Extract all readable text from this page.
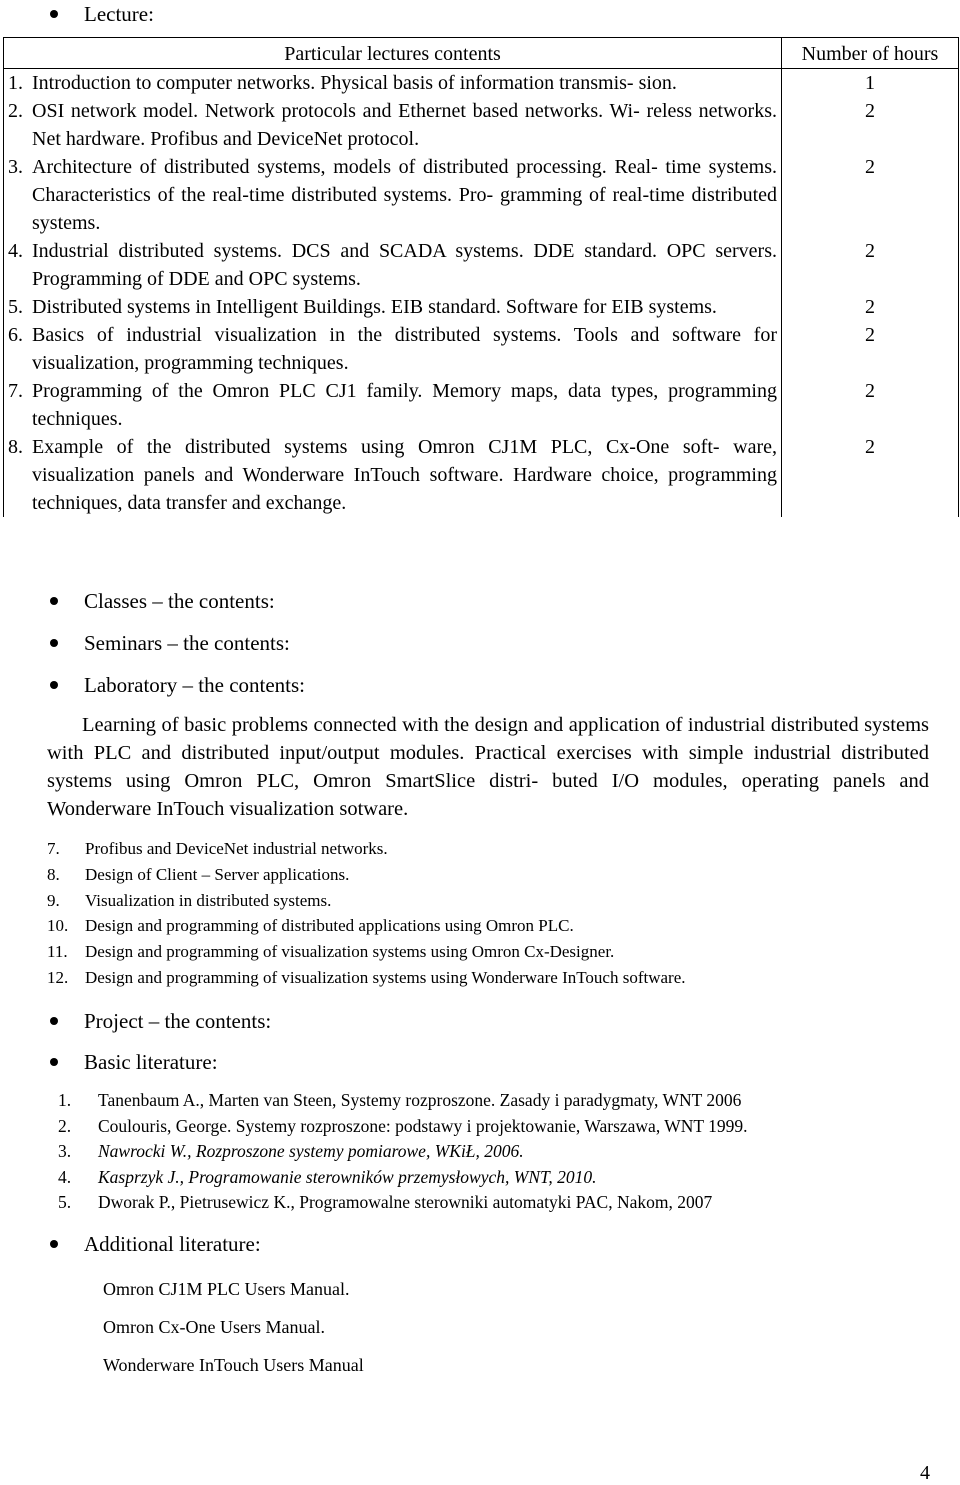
Lecture:
Particular lectures contents	Number of hours

1. Introduction to computer networks. Physical basis of information transmis- sion.	1

2. OSI network model. Network protocols and Ethernet based networks. Wi- reless networks. Net hardware. Profibus and DeviceNet protocol.	2

3. Architecture of distributed systems, models of distributed processing. Real- time systems. Characteristics of the real-time distributed systems. Pro- gramming of real-time distributed systems.	2

4. Industrial distributed systems. DCS and SCADA systems. DDE standard. OPC servers. Programming of DDE and OPC systems.	2

5. Distributed systems in Intelligent Buildings. EIB standard. Software for EIB systems.	2

6. Basics of industrial visualization in the distributed systems. Tools and software for visualization, programming techniques.	2

7. Programming of the Omron PLC CJ1 family. Memory maps, data types, programming techniques.	2

8. Example of the distributed systems using Omron CJ1M PLC, Cx-One soft- ware, visualization panels and Wonderware InTouch software. Hardware choice, programming techniques, data transfer and exchange.	2
Classes – the contents:
Seminars – the contents:
Laboratory – the contents:
Learning of basic problems connected with the design and application of industrial distributed systems with PLC and distributed input/output modules. Practical exercises with simple industrial distributed systems using Omron PLC, Omron SmartSlice distri- buted I/O modules, operating panels and Wonderware InTouch visualization sotware.
7.	Profibus and DeviceNet industrial networks.
8.	Design of Client – Server applications.
9.	Visualization in distributed systems.
10. Design and programming of distributed applications using Omron PLC.
11.	Design and programming of visualization systems using Omron Cx-Designer.
12. Design and programming of visualization systems using Wonderware InTouch software.
Project – the contents:
Basic literature:
1. Tanenbaum A., Marten van Steen, Systemy rozproszone. Zasady i paradygmaty, WNT 2006
2. Coulouris, George. Systemy rozproszone: podstawy i projektowanie, Warszawa, WNT 1999.
3. Nawrocki W., Rozproszone systemy pomiarowe, WKiŁ, 2006.
4. Kasprzyk J., Programowanie sterowników przemysłowych, WNT, 2010.
5. Dworak P., Pietrusewicz K., Programowalne sterowniki automatyki PAC, Nakom, 2007
Additional literature:
Omron CJ1M PLC Users Manual.
Omron Cx-One Users Manual.
Wonderware InTouch Users Manual
4
